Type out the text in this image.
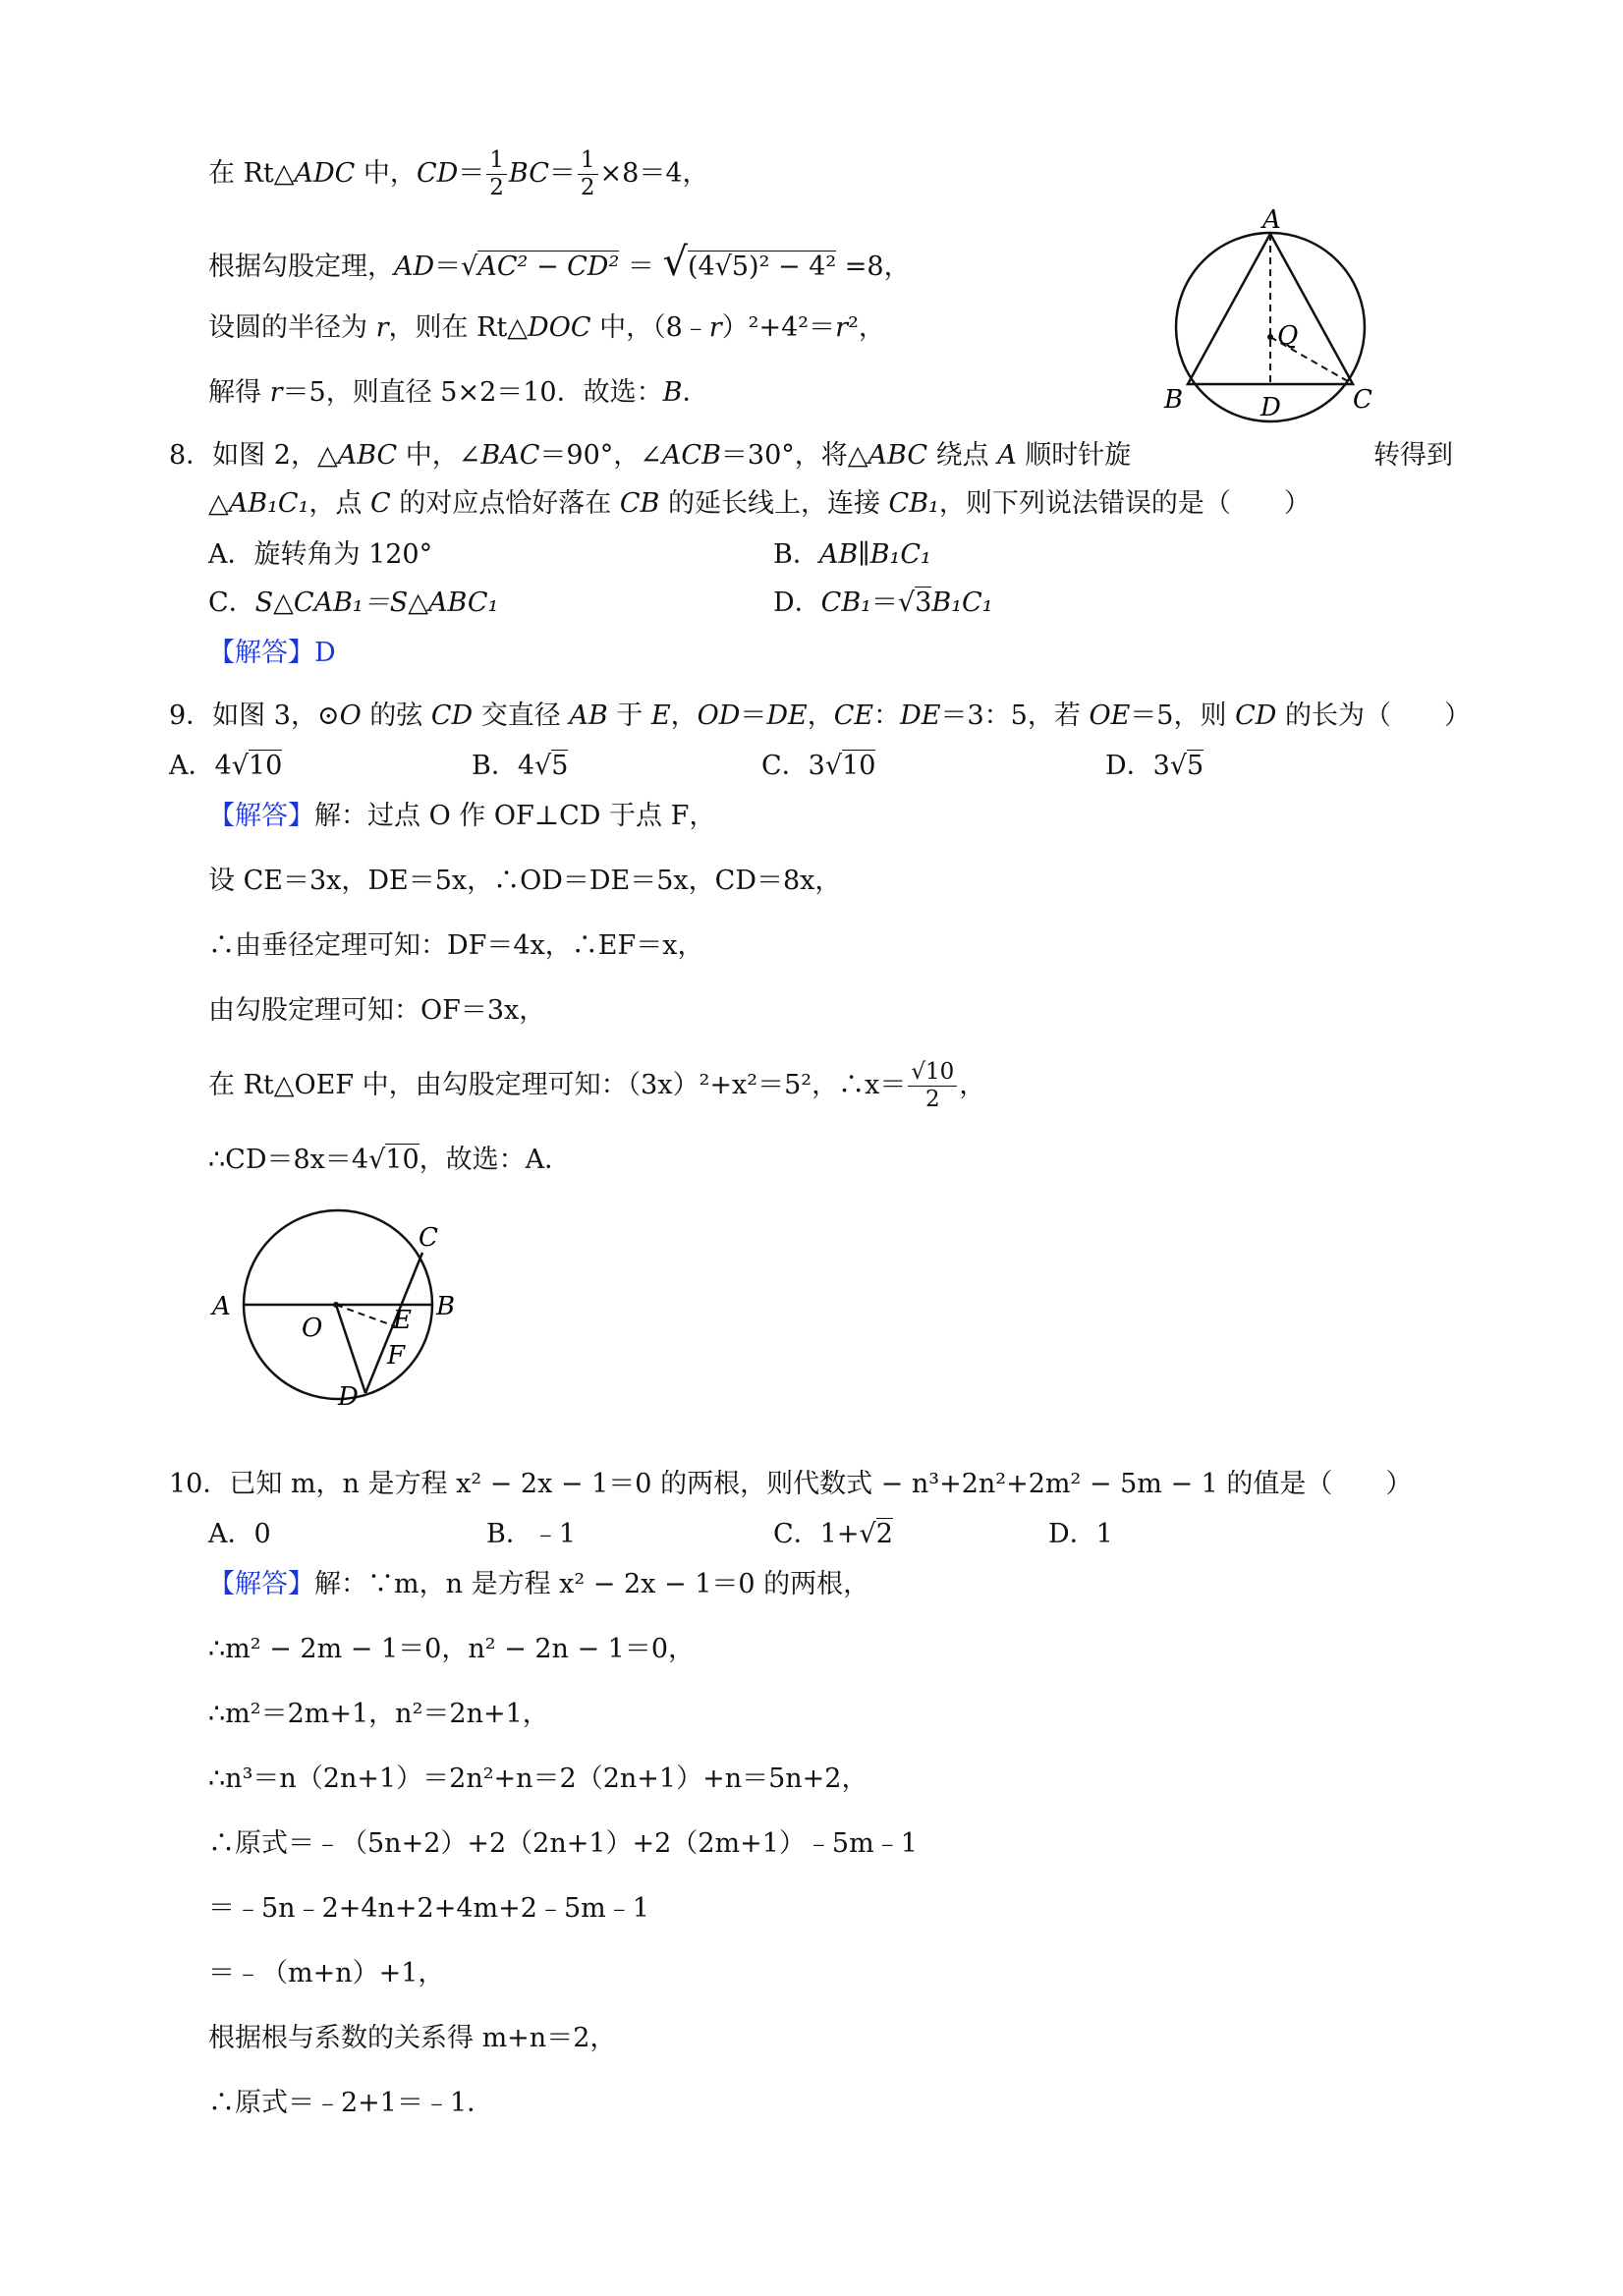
在 Rt△ADC 中，$CD= \frac{1}{2} BC= \frac{1}{2} \times 8=4$，
根据勾股定理，AD＝√AC² − CD² ＝ √(4√5)² − 4² =8，
设圆的半径为 r，则在 Rt△DOC 中，（8﹣r）²+4²＝r²，
解得 r＝5，则直径 5×2＝10．故选：B．
A
Q
B	D	C
8．如图 2，△ABC 中，∠BAC＝90°，∠ACB＝30°，将△ABC 绕点 A 顺时针旋	转得到
△AB₁C₁，点 C 的对应点恰好落在 CB 的延长线上，连接 CB₁，则下列说法错误的是（　　）
A．旋转角为 120°	B．AB∥B₁C₁
C．S△CAB₁＝S△ABC₁	D．CB₁＝√3B₁C₁
【解答】D
9．如图 3，⊙O 的弦 CD 交直径 AB 于 E，OD＝DE，CE：DE＝3：5，若 OE＝5，则 CD 的长为（　　）
A．4√10	B．4√5	C．3√10	D．3√5
【解答】解：过点 O 作 OF⊥CD 于点 F，
设 CE＝3x，DE＝5x，∴OD＝DE＝5x，CD＝8x，
∴由垂径定理可知：DF＝4x，∴EF＝x，
由勾股定理可知：OF＝3x，
在 Rt△OEF 中，由勾股定理可知：（3x）²+x²＝5²，∴x＝ $\frac{√10}{2}$ ，
∴CD＝8x＝4√10，故选：A．
A	B
C
O	E
F
D
10．已知 m，n 是方程 x² − 2x − 1＝0 的两根，则代数式 − n³+2n²+2m² − 5m − 1 的值是（　　）
A．0	B．﹣1	C．1+√2	D．1
【解答】解：∵m，n 是方程 x² − 2x − 1＝0 的两根，
∴m² − 2m − 1＝0，n² − 2n − 1＝0，
∴m²＝2m+1，n²＝2n+1，
∴n³＝n（2n+1）＝2n²+n＝2（2n+1）+n＝5n+2，
∴原式＝﹣（5n+2）+2（2n+1）+2（2m+1）﹣5m﹣1
＝﹣5n﹣2+4n+2+4m+2﹣5m﹣1
＝﹣（m+n）+1，
根据根与系数的关系得 m+n＝2，
∴原式＝﹣2+1＝﹣1．
